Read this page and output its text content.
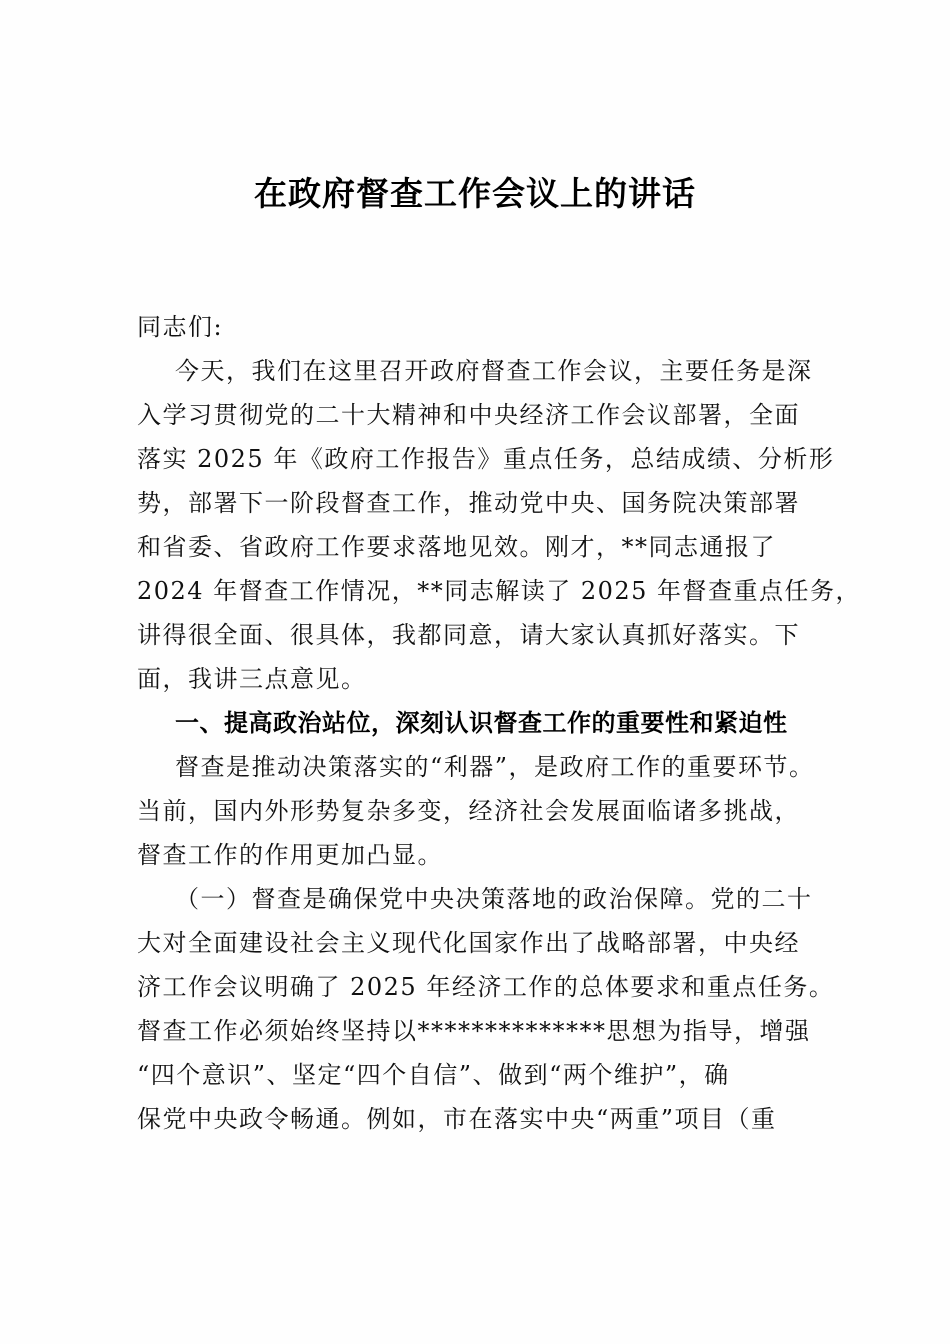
在政府督查工作会议上的讲话
同志们:
今天，我们在这里召开政府督查工作会议，主要任务是深
入学习贯彻党的二十大精神和中央经济工作会议部署，全面
落实 2025 年《政府工作报告》重点任务，总结成绩、分析形
势，部署下一阶段督查工作，推动党中央、国务院决策部署
和省委、省政府工作要求落地见效。刚才，**同志通报了
2024 年督查工作情况，**同志解读了 2025 年督查重点任务，
讲得很全面、很具体，我都同意，请大家认真抓好落实。下
面，我讲三点意见。
一、提高政治站位，深刻认识督查工作的重要性和紧迫性
督查是推动决策落实的“利器”，是政府工作的重要环节。
当前，国内外形势复杂多变，经济社会发展面临诸多挑战，
督查工作的作用更加凸显。
（一）督查是确保党中央决策落地的政治保障。党的二十
大对全面建设社会主义现代化国家作出了战略部署，中央经
济工作会议明确了 2025 年经济工作的总体要求和重点任务。
督查工作必须始终坚持以**************思想为指导，增强
“四个意识”、坚定“四个自信”、做到“两个维护”，确
保党中央政令畅通。例如，市在落实中央“两重”项目（重
